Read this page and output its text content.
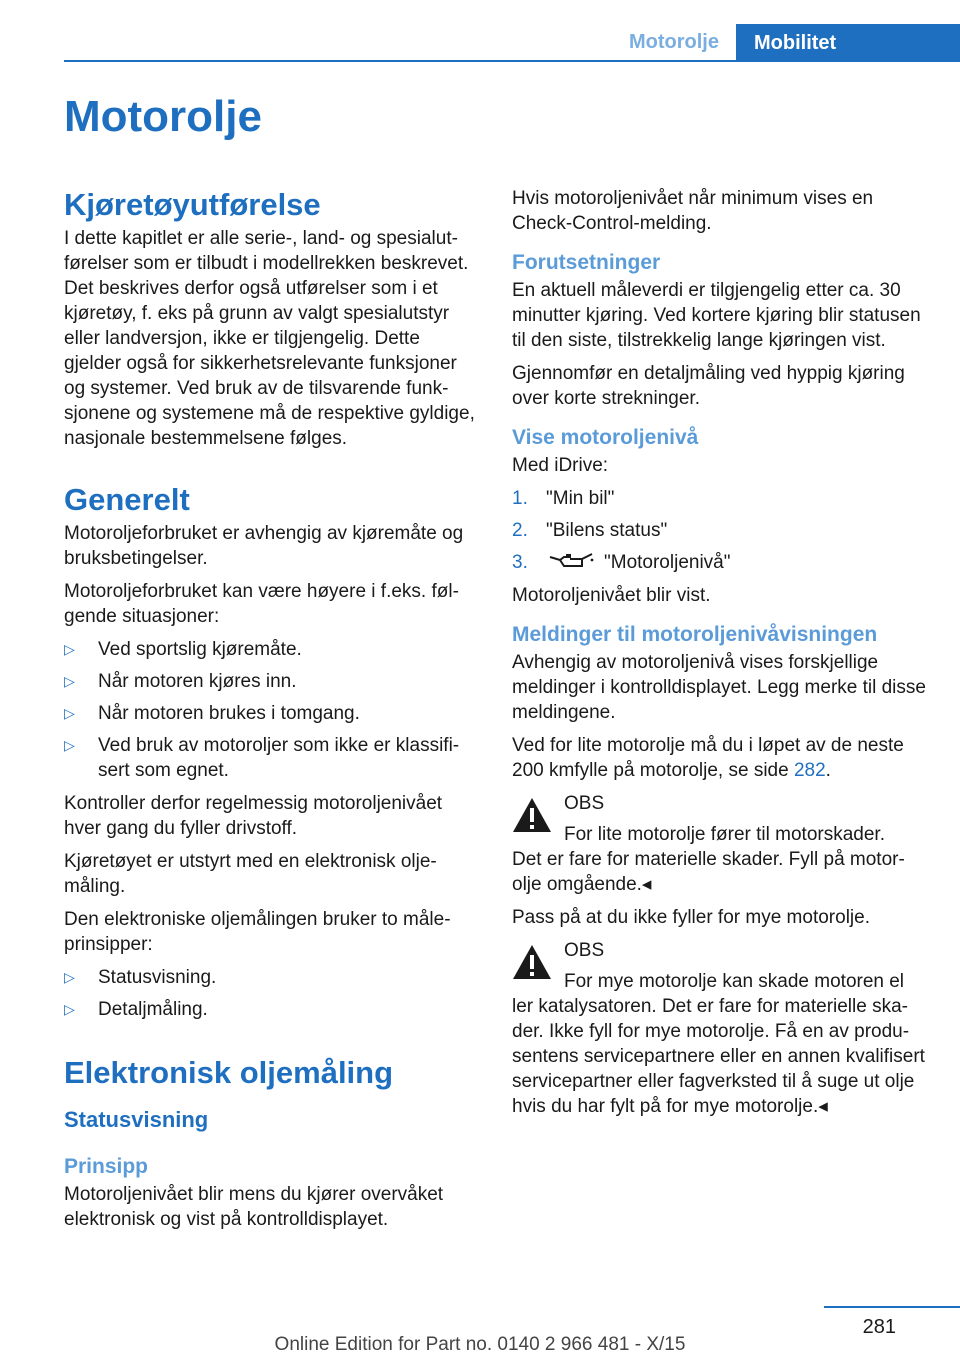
Motorolje	Mobilitet
Motorolje
Kjøretøyutførelse

I dette kapitlet er alle serie-, land- og spesialutførelser som er tilbudt i modellrekken beskrevet. Det beskrives derfor også utførelser som i et kjøretøy, f. eks på grunn av valgt spesialutstyr eller landversjon, ikke er tilgjengelig. Dette gjelder også for sikkerhetsrelevante funksjoner og systemer. Ved bruk av de tilsvarende funksjonene og systemene må de respektive gyldige, nasjonale bestemmelsene følges.

Generelt

Motoroljeforbruket er avhengig av kjøremåte og bruksbetingelser.

Motoroljeforbruket kan være høyere i f.eks. følgende situasjoner:

▷ Ved sportslig kjøremåte.
▷ Når motoren kjøres inn.
▷ Når motoren brukes i tomgang.
▷ Ved bruk av motoroljer som ikke er klassifisert som egnet.

Kontroller derfor regelmessig motoroljenivået hver gang du fyller drivstoff.

Kjøretøyet er utstyrt med en elektronisk oljemåling.

Den elektroniske oljemålingen bruker to måleprinsipper:

▷ Statusvisning.
▷ Detaljmåling.
Elektronisk oljemåling
Statusvisning
Prinsipp

Motoroljenivået blir mens du kjører overvåket elektronisk og vist på kontrolldisplayet.

Hvis motoroljenivået når minimum vises en Check-Control-melding.

Forutsetninger

En aktuell måleverdi er tilgjengelig etter ca. 30 minutter kjøring. Ved kortere kjøring blir statusen til den siste, tilstrekkelig lange kjøringen vist.

Gjennomfør en detaljmåling ved hyppig kjøring over korte strekninger.

Vise motoroljenivå

Med iDrive:

1. "Min bil"
2. "Bilens status"
3.	"Motoroljenivå"

Motoroljenivået blir vist.

Meldinger til motoroljenivåvisningen

Avhengig av motoroljenivå vises forskjellige meldinger i kontrolldisplayet. Legg merke til disse meldingene.

Ved for lite motorolje må du i løpet av de neste 200 kmfylle på motorolje, se side 282.

OBS
For lite motorolje fører til motorskader.
Det er fare for materielle skader. Fyll på motorolje omgående.◂

Pass på at du ikke fyller for mye motorolje.

OBS
For mye motorolje kan skade motoren el
ler katalysatoren. Det er fare for materielle skader. Ikke fyll for mye motorolje. Få en av produsentens servicepartnere eller en annen kvalifisert servicepartner eller fagverksted til å suge ut olje hvis du har fylt på for mye motorolje.◂
281
Online Edition for Part no. 0140 2 966 481 - X/15
